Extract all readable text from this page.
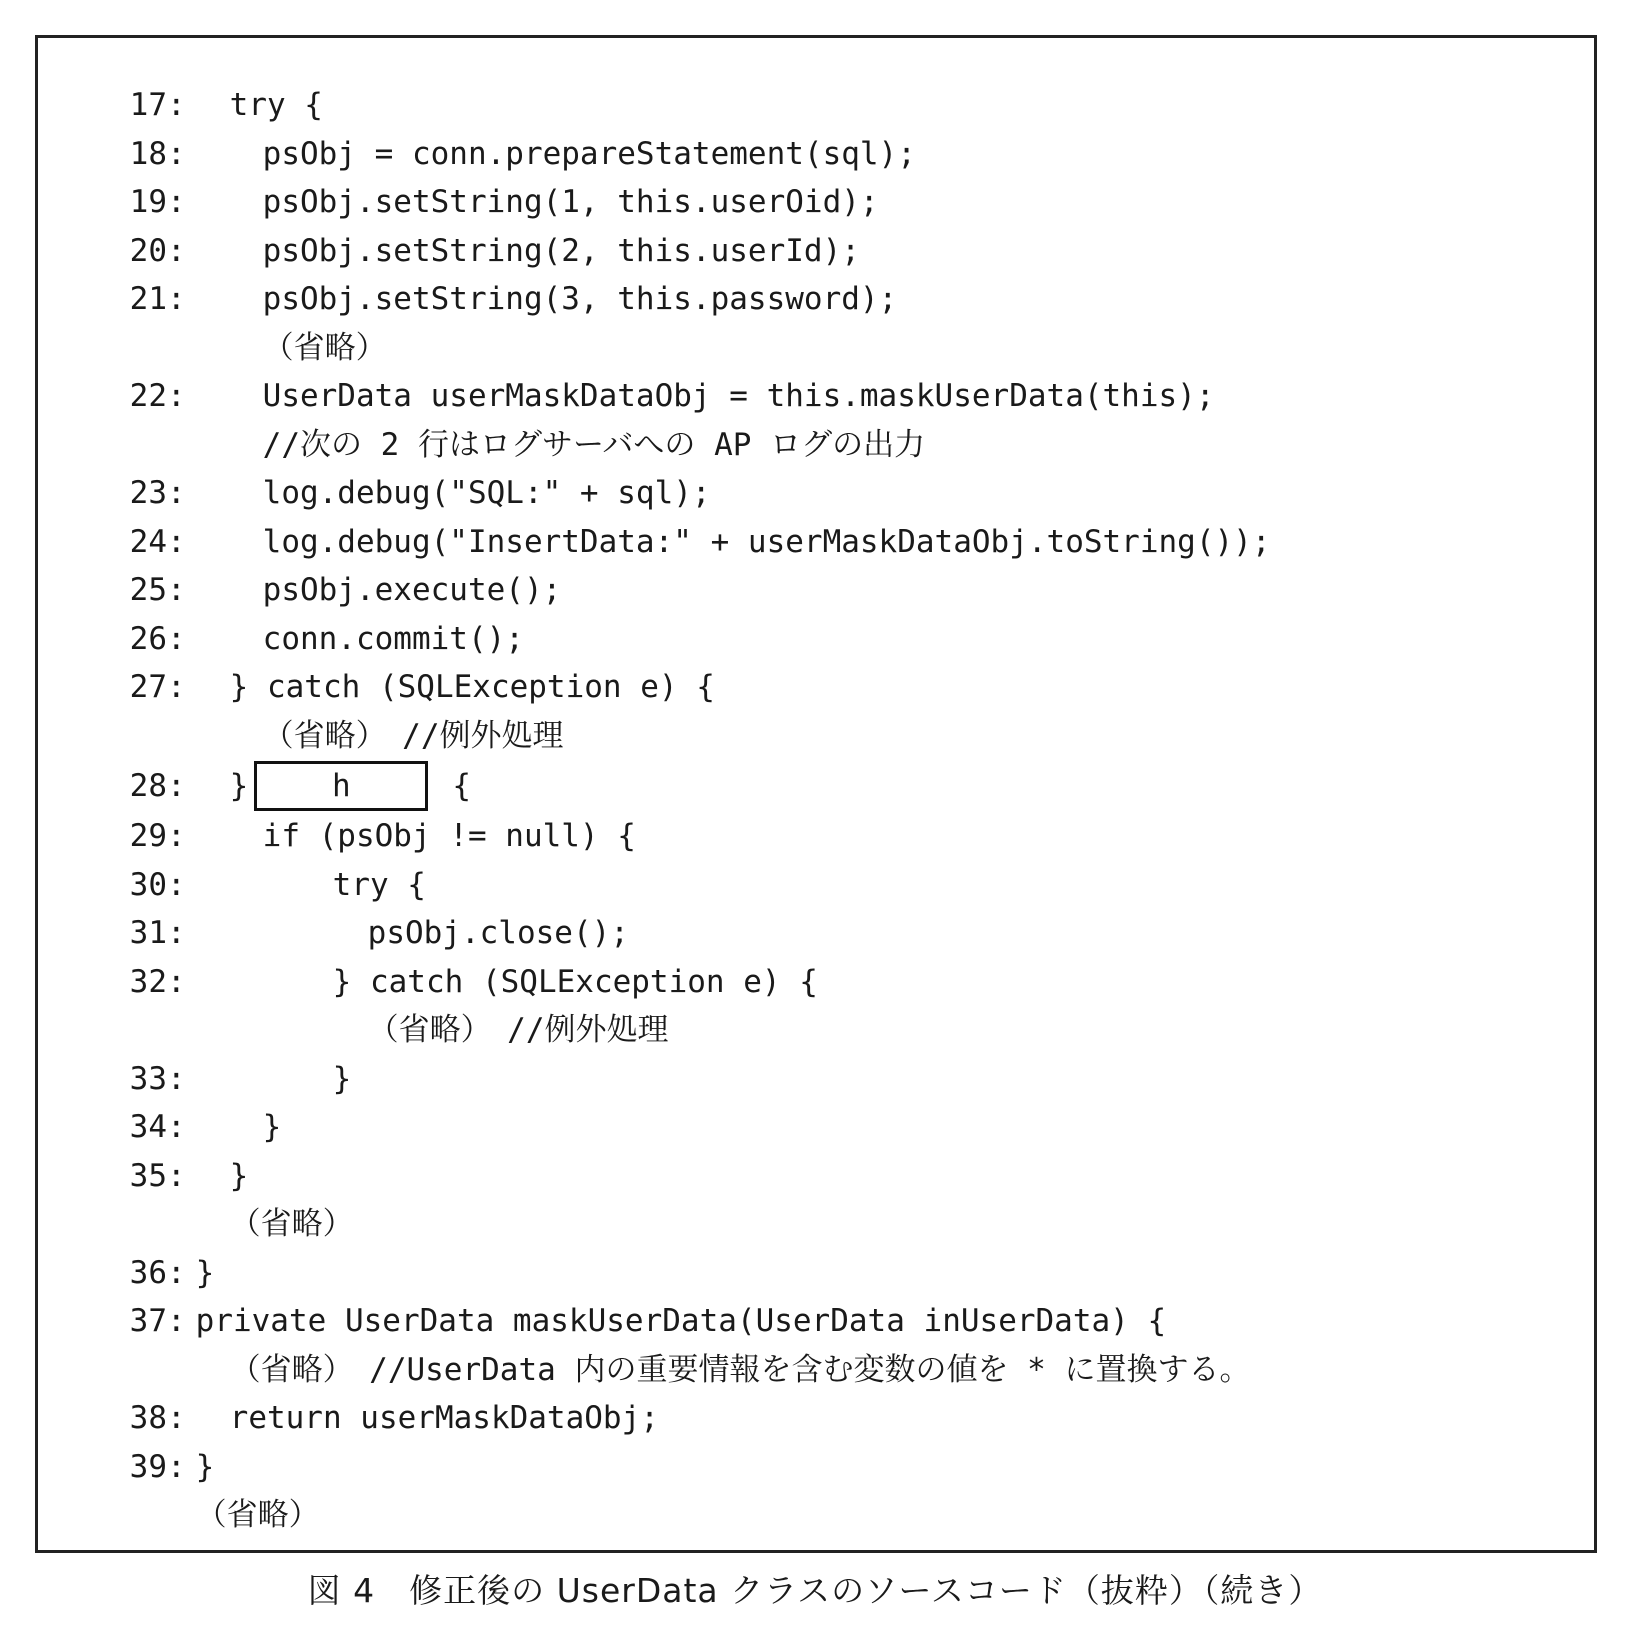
17: try {

18: psObj = conn.prepareStatement(sql);

19: psObj.setString(1, this.userOid);

20: psObj.setString(2, this.userId);

21: psObj.setString(3, this.password);

（省略）

22: UserData userMaskDataObj = this.maskUserData(this);

//次の 2 行はログサーバへの AP ログの出力

23: log.debug("SQL:" + sql);

24: log.debug("InsertData:" + userMaskDataObj.toString());

25: psObj.execute();

26: conn.commit();

27: } catch (SQLException e) {

（省略）　//例外処理

28: }	h	{

29: if (psObj != null) {

30:	try {

31:	psObj.close();

32:	} catch (SQLException e) {

（省略）　//例外処理

33:	}

34: }

35: }

（省略）

36: }

37: private UserData maskUserData(UserData inUserData) {

（省略）　//UserData 内の重要情報を含む変数の値を * に置換する。

38: return userMaskDataObj;

39: }

（省略）

図 4　修正後の UserData クラスのソースコード（抜粋）（続き）
